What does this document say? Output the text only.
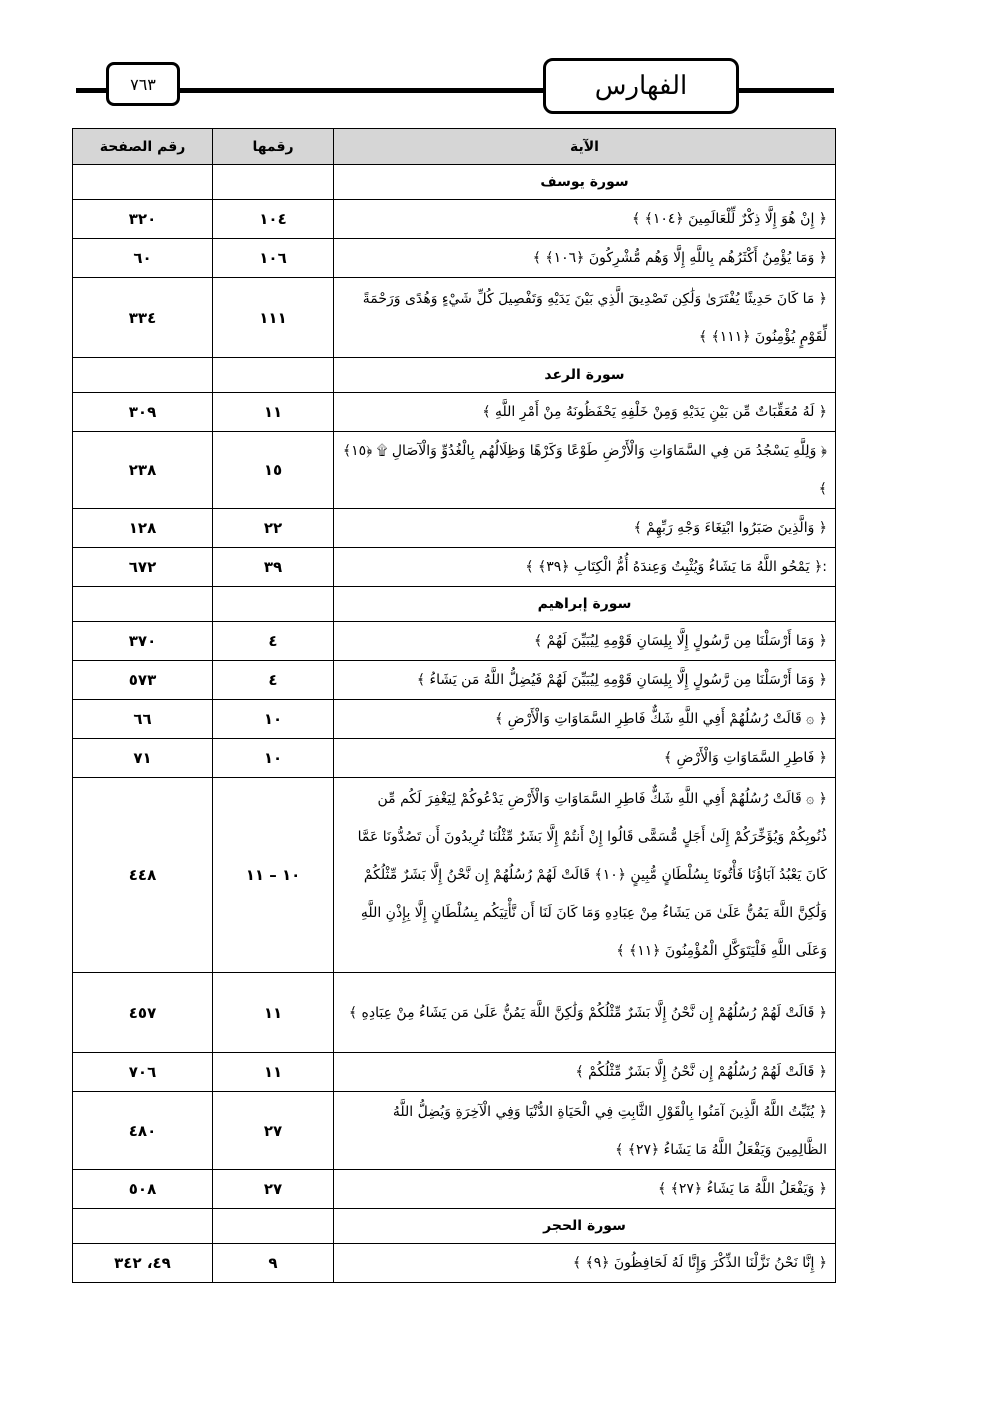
٧٦٣	الفهارس
الآية	رقمها	رقم الصفحة
سورة يوسف		
﴿ إِنْ هُوَ إِلَّا ذِكْرٌ لِّلْعَالَمِينَ ﴿١٠٤﴾ ﴾	١٠٤	٣٢٠
﴿ وَمَا يُؤْمِنُ أَكْثَرُهُم بِاللَّهِ إِلَّا وَهُم مُّشْرِكُونَ ﴿١٠٦﴾ ﴾	١٠٦	٦٠
﴿ مَا كَانَ حَدِيثًا يُفْتَرَىٰ وَلَٰكِن تَصْدِيقَ الَّذِي بَيْنَ يَدَيْهِ وَتَفْصِيلَ كُلِّ شَيْءٍ وَهُدًى وَرَحْمَةً لِّقَوْمٍ يُؤْمِنُونَ ﴿١١١﴾ ﴾	١١١	٣٣٤
سورة الرعد		
﴿ لَهُ مُعَقِّبَاتٌ مِّن بَيْنِ يَدَيْهِ وَمِنْ خَلْفِهِ يَحْفَظُونَهُ مِنْ أَمْرِ اللَّهِ ﴾	١١	٣٠٩
﴿ وَلِلَّهِ يَسْجُدُ مَن فِي السَّمَاوَاتِ وَالْأَرْضِ طَوْعًا وَكَرْهًا وَظِلَالُهُم بِالْغُدُوِّ وَالْآصَالِ ۩ ﴿١٥﴾ ﴾	١٥	٢٣٨
﴿ وَالَّذِينَ صَبَرُوا ابْتِغَاءَ وَجْهِ رَبِّهِمْ ﴾	٢٢	١٢٨
:﴿ يَمْحُو اللَّهُ مَا يَشَاءُ وَيُثْبِتُ وَعِندَهُ أُمُّ الْكِتَابِ ﴿٣٩﴾ ﴾	٣٩	٦٧٢
سورة إبراهيم		
﴿ وَمَا أَرْسَلْنَا مِن رَّسُولٍ إِلَّا بِلِسَانِ قَوْمِهِ لِيُبَيِّنَ لَهُمْ ﴾	٤	٣٧٠
﴿ وَمَا أَرْسَلْنَا مِن رَّسُولٍ إِلَّا بِلِسَانِ قَوْمِهِ لِيُبَيِّنَ لَهُمْ فَيُضِلُّ اللَّهُ مَن يَشَاءُ ﴾	٤	٥٧٣
﴿ ۞ قَالَتْ رُسُلُهُمْ أَفِي اللَّهِ شَكٌّ فَاطِرِ السَّمَاوَاتِ وَالْأَرْضِ ﴾	١٠	٦٦
﴿ فَاطِرِ السَّمَاوَاتِ وَالْأَرْضِ ﴾	١٠	٧١
﴿ ۞ قَالَتْ رُسُلُهُمْ أَفِي اللَّهِ شَكٌّ فَاطِرِ السَّمَاوَاتِ وَالْأَرْضِ يَدْعُوكُمْ لِيَغْفِرَ لَكُم مِّن ذُنُوبِكُمْ وَيُؤَخِّرَكُمْ إِلَىٰ أَجَلٍ مُّسَمًّى قَالُوا إِنْ أَنتُمْ إِلَّا بَشَرٌ مِّثْلُنَا تُرِيدُونَ أَن تَصُدُّونَا عَمَّا كَانَ يَعْبُدُ آبَاؤُنَا فَأْتُونَا بِسُلْطَانٍ مُّبِينٍ ﴿١٠﴾ قَالَتْ لَهُمْ رُسُلُهُمْ إِن نَّحْنُ إِلَّا بَشَرٌ مِّثْلُكُمْ وَلَٰكِنَّ اللَّهَ يَمُنُّ عَلَىٰ مَن يَشَاءُ مِنْ عِبَادِهِ وَمَا كَانَ لَنَا أَن نَّأْتِيَكُم بِسُلْطَانٍ إِلَّا بِإِذْنِ اللَّهِ وَعَلَى اللَّهِ فَلْيَتَوَكَّلِ الْمُؤْمِنُونَ ﴿١١﴾ ﴾	١٠ – ١١	٤٤٨
﴿ قَالَتْ لَهُمْ رُسُلُهُمْ إِن نَّحْنُ إِلَّا بَشَرٌ مِّثْلُكُمْ وَلَٰكِنَّ اللَّهَ يَمُنُّ عَلَىٰ مَن يَشَاءُ مِنْ عِبَادِهِ ﴾	١١	٤٥٧
﴿ قَالَتْ لَهُمْ رُسُلُهُمْ إِن نَّحْنُ إِلَّا بَشَرٌ مِّثْلُكُمْ ﴾	١١	٧٠٦
﴿ يُثَبِّتُ اللَّهُ الَّذِينَ آمَنُوا بِالْقَوْلِ الثَّابِتِ فِي الْحَيَاةِ الدُّنْيَا وَفِي الْآخِرَةِ وَيُضِلُّ اللَّهُ الظَّالِمِينَ وَيَفْعَلُ اللَّهُ مَا يَشَاءُ ﴿٢٧﴾ ﴾	٢٧	٤٨٠
﴿ وَيَفْعَلُ اللَّهُ مَا يَشَاءُ ﴿٢٧﴾ ﴾	٢٧	٥٠٨
سورة الحجر		
﴿ إِنَّا نَحْنُ نَزَّلْنَا الذِّكْرَ وَإِنَّا لَهُ لَحَافِظُونَ ﴿٩﴾ ﴾	٩	٤٩، ٣٤٢
